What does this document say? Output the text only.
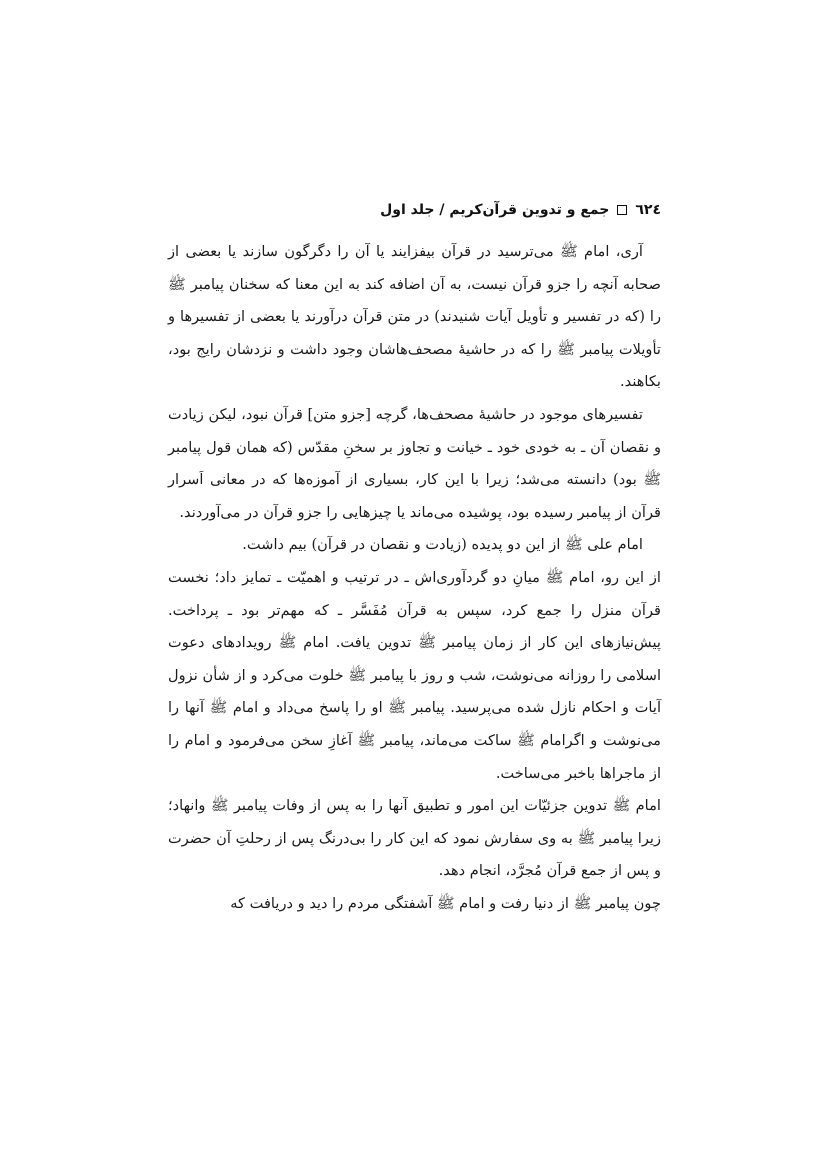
٦٢٤
جمع و تدوین قرآن‌کریم / جلد اول

آری، امام ﷺ می‌ترسید در قرآن بیفزایند یا آن را دگرگون سازند یا بعضی از صحابه آنچه را جزو قرآن نیست، به آن اضافه کند به این معنا که سخنان پیامبر ﷺ را (که در تفسیر و تأویل آیات شنیدند) در متن قرآن درآورند یا بعضی از تفسیرها و تأویلات پیامبر ﷺ را که در حاشیهٔ مصحف‌هاشان وجود داشت و نزدشان رایج بود، بکاهند.

تفسیرهای موجود در حاشیهٔ مصحف‌ها، گرچه [جزو متن] قرآن نبود، لیکن زیادت و نقصان آن ـ به خودی خود ـ خیانت و تجاوز بر سخنِ مقدّس (که همان قول پیامبر ﷺ بود) دانسته می‌شد؛ زیرا با این کار، بسیاری از آموزه‌ها که در معانی اَسرار قرآن از پیامبر رسیده بود، پوشیده می‌ماند یا چیزهایی را جزو قرآن در می‌آوردند.

امام علی ﷺ از این دو پدیده (زیادت و نقصان در قرآن) بیم داشت.

از این رو، امام ﷺ میانِ دو گردآوری‌اش ـ در ترتیب و اهمیّت ـ تمایز داد؛ نخست قرآن منزل را جمع کرد، سپس به قرآن مُفَسَّر ـ که مهم‌تر بود ـ پرداخت. پیش‌نیازهای این کار از زمان پیامبر ﷺ تدوین یافت. امام ﷺ رویدادهای دعوت اسلامی را روزانه می‌نوشت، شب و روز با پیامبر ﷺ خلوت می‌کرد و از شأن نزول آیات و احکام نازل شده می‌پرسید. پیامبر ﷺ او را پاسخ می‌داد و امام ﷺ آنها را می‌نوشت و اگرامام ﷺ ساکت می‌ماند، پیامبر ﷺ آغازِ سخن می‌فرمود و امام را از ماجراها باخبر می‌ساخت.

امام ﷺ تدوین جزئیّات این امور و تطبیق آنها را به پس از وفات پیامبر ﷺ وانهاد؛ زیرا پیامبر ﷺ به وی سفارش نمود که این کار را بی‌درنگ پس از رحلتِ آن حضرت و پس از جمع قرآن مُجرَّد، انجام دهد.

چون پیامبر ﷺ از دنیا رفت و امام ﷺ آشفتگی مردم را دید و دریافت که
